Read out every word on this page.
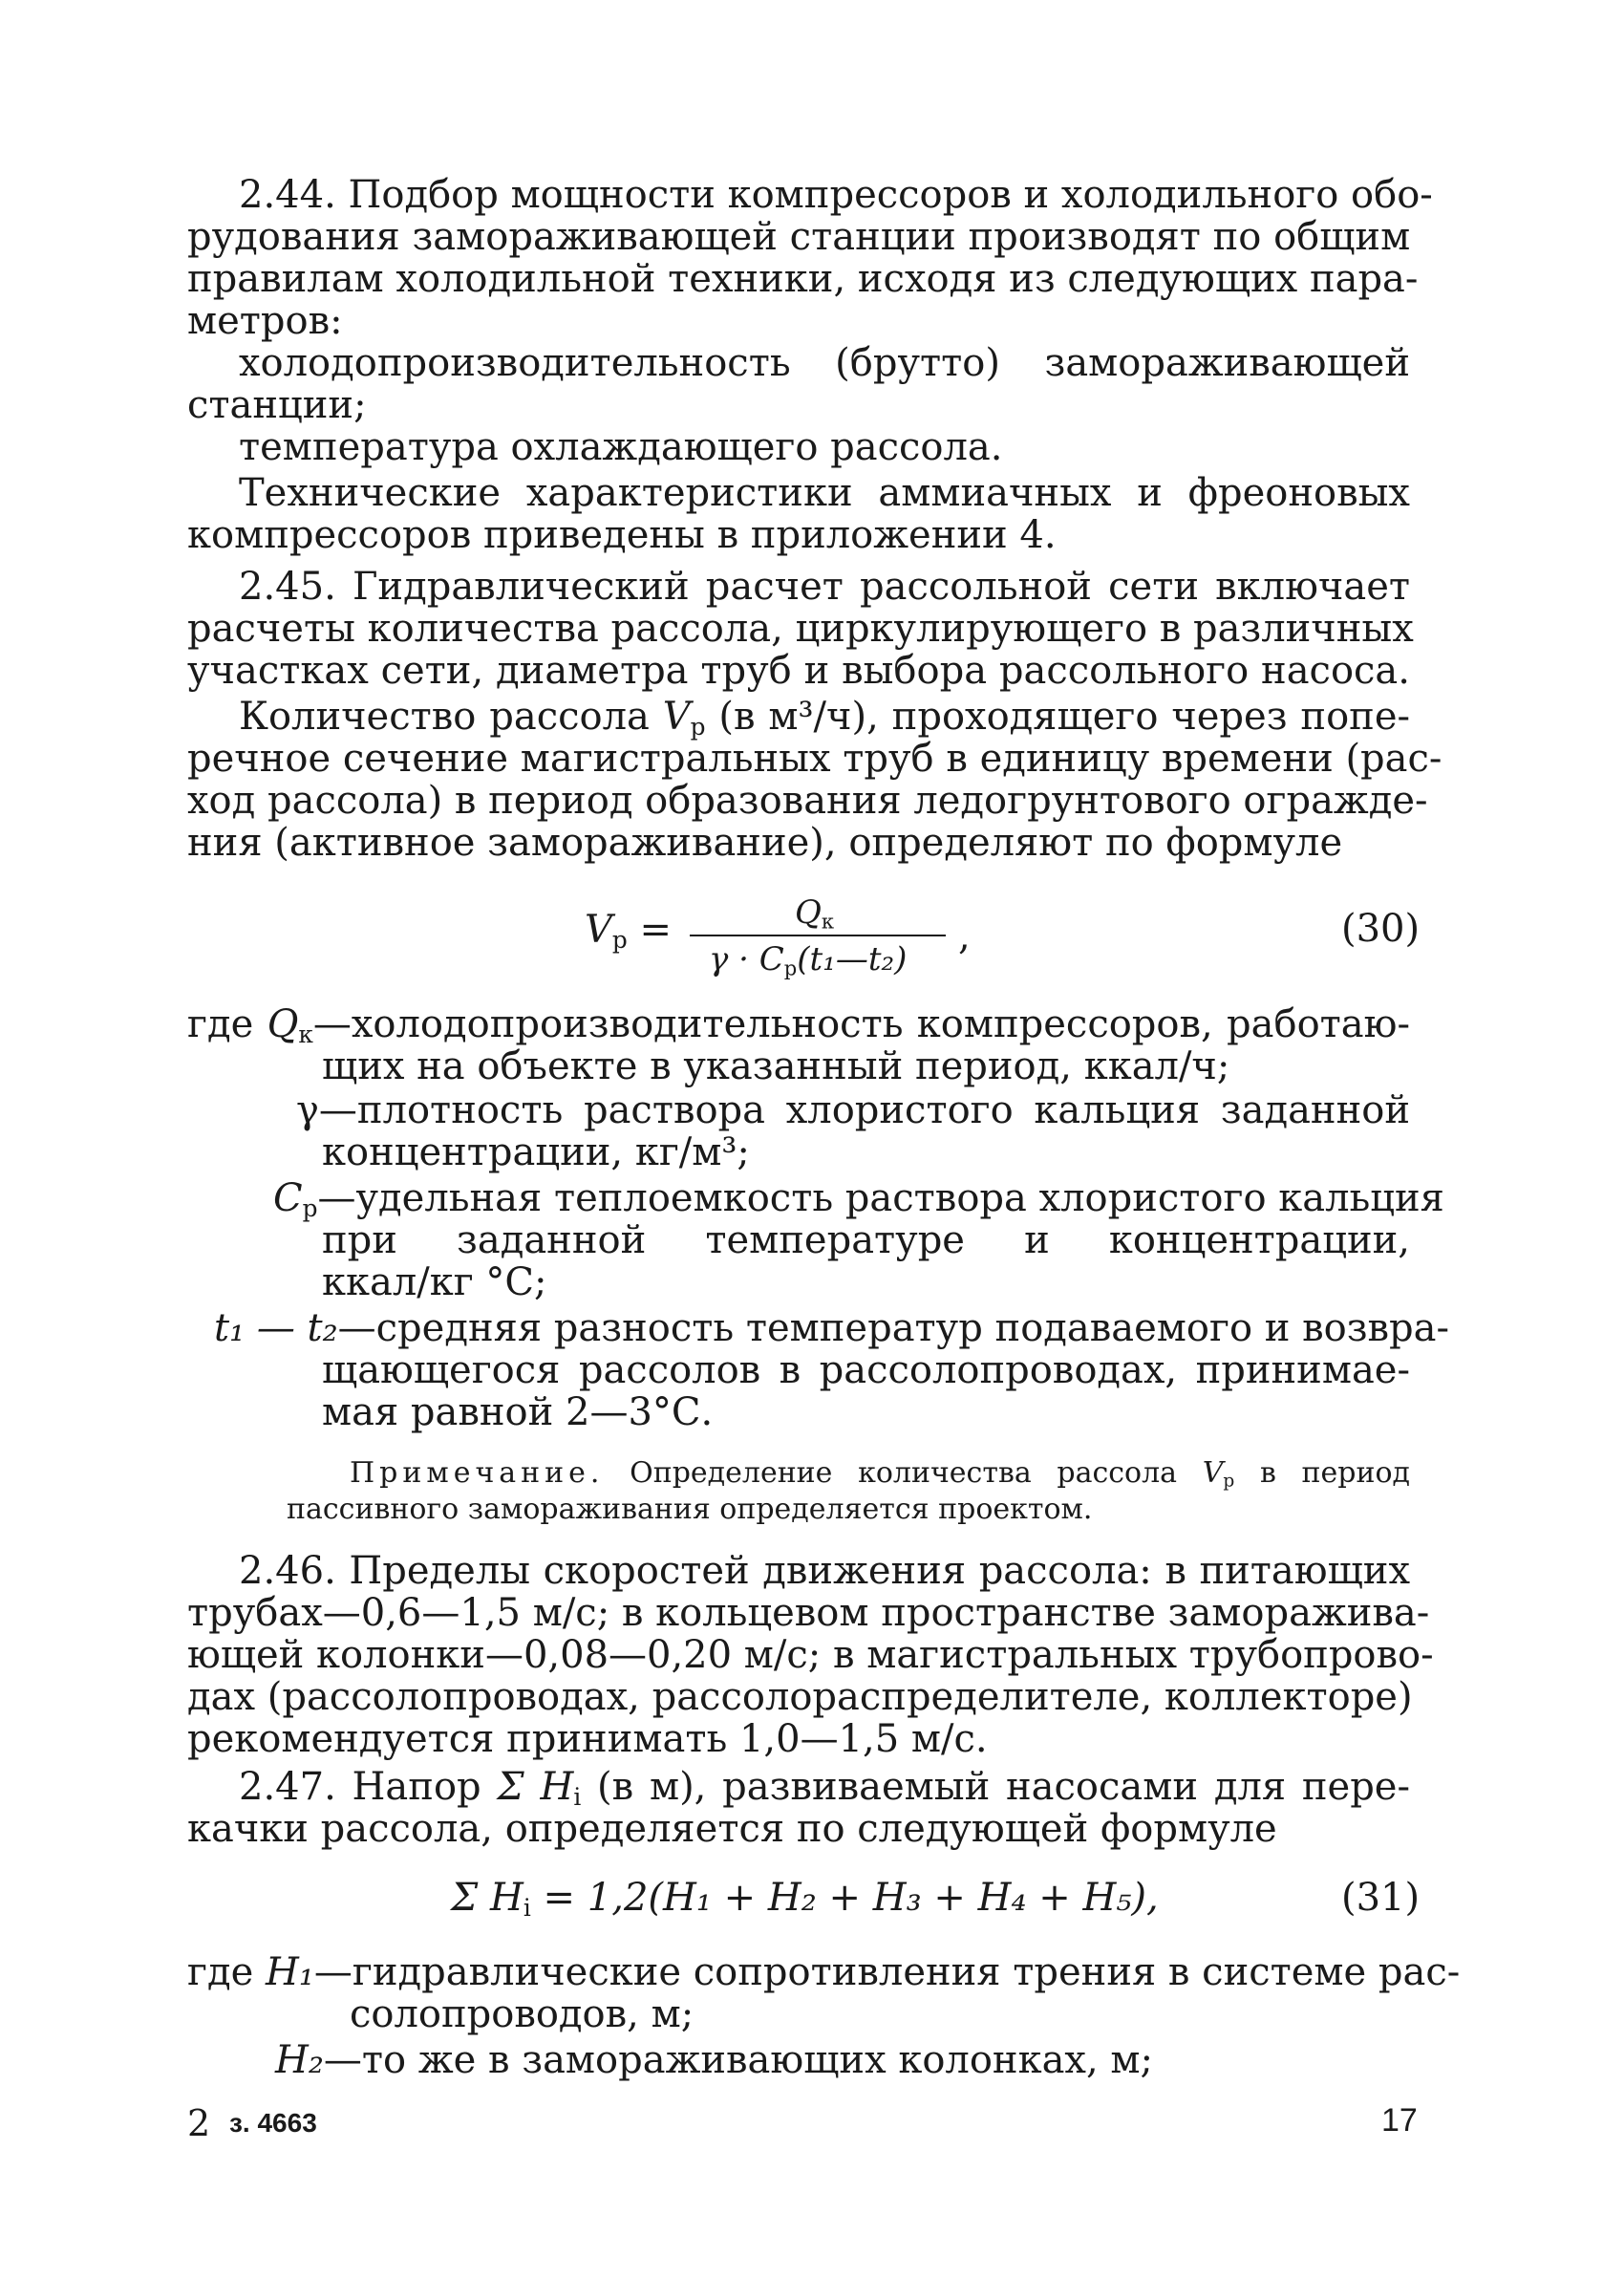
2.44. Подбор мощности компрессоров и холодильного обо-
рудования замораживающей станции производят по общим
правилам холодильной техники, исходя из следующих пара-
метров:
холодопроизводительность (брутто) замораживающей
станции;
температура охлаждающего рассола.
Технические характеристики аммиачных и фреоновых
компрессоров приведены в приложении 4.
2.45. Гидравлический расчет рассольной сети включает
расчеты количества рассола, циркулирующего в различных
участках сети, диаметра труб и выбора рассольного насоса.
Количество рассола $V_р$ (в м³/ч), проходящего через попе-
речное сечение магистральных труб в единицу времени (рас-
ход рассола) в период образования ледогрунтового огражде-
ния (активное замораживание), определяют по формуле
$V_р$ =	$Q_к$
$\gamma \cdot C_р(t_1—t_2)$
,	(30)
где $Q_к—холодопроизводительность$ компрессоров, работаю-
щих на объекте в указанный период, ккал/ч;
γ—плотность раствора хлористого кальция заданной
концентрации, кг/м³;
$C_р—удельная$ теплоемкость раствора хлористого кальция
при заданной температуре и концентрации,
ккал/кг °С;
t₁ — t₂—средняя разность температур подаваемого и возвра-
щающегося рассолов в рассолопроводах, принимае-
мая равной 2—3°С.
Примечание. Определение количества рассола $V_р$ в период
пассивного замораживания определяется проектом.
2.46. Пределы скоростей движения рассола: в питающих
трубах—0,6—1,5 м/с; в кольцевом пространстве заморажива-
ющей колонки—0,08—0,20 м/с; в магистральных трубопрово-
дах (рассолопроводах, рассолораспределителе, коллекторе)
рекомендуется принимать 1,0—1,5 м/с.
2.47. Напор Σ $H_i$ (в м), развиваемый насосами для пере-
качки рассола, определяется по следующей формуле
Σ $H_i = 1,2(H_1 + H_2 + H_3 + H_4 + H_5)$,	(31)
где H₁—гидравлические сопротивления трения в системе рас-
солопроводов, м;
H₂—то же в замораживающих колонках, м;
2 з. 4663	17
